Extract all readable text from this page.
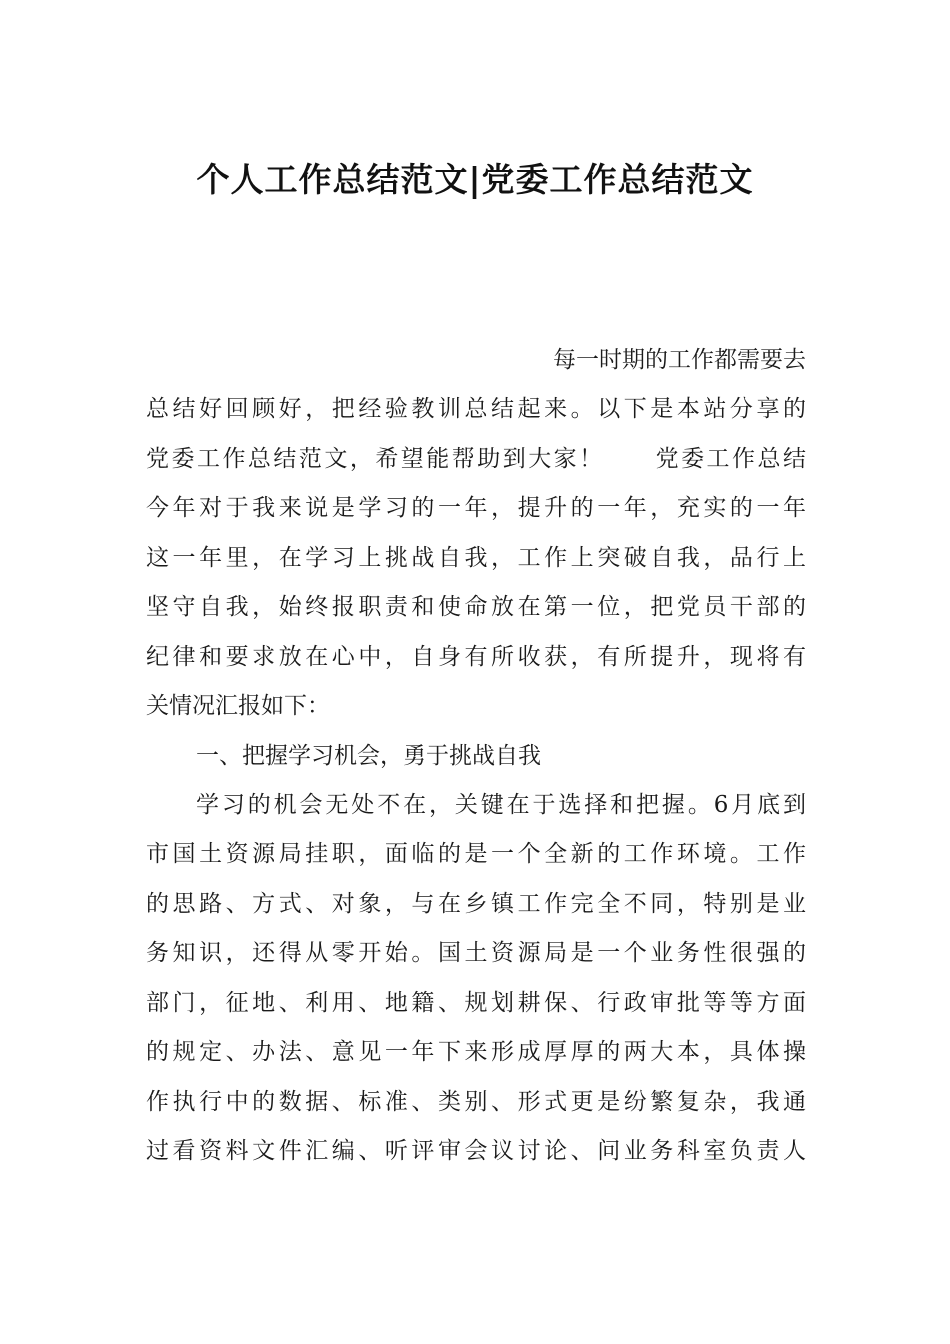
个人工作总结范文|党委工作总结范文
每一时期的工作都需要去
总结好回顾好，把经验教训总结起来。以下是本站分享的
党委工作总结范文，希望能帮助到大家！　　党委工作总结
今年对于我来说是学习的一年，提升的一年，充实的一年
这一年里，在学习上挑战自我，工作上突破自我，品行上
坚守自我，始终报职责和使命放在第一位，把党员干部的
纪律和要求放在心中，自身有所收获，有所提升，现将有
关情况汇报如下：
一、把握学习机会，勇于挑战自我
学习的机会无处不在，关键在于选择和把握。6月底到
市国土资源局挂职，面临的是一个全新的工作环境。工作
的思路、方式、对象，与在乡镇工作完全不同，特别是业
务知识，还得从零开始。国土资源局是一个业务性很强的
部门，征地、利用、地籍、规划耕保、行政审批等等方面
的规定、办法、意见一年下来形成厚厚的两大本，具体操
作执行中的数据、标准、类别、形式更是纷繁复杂，我通
过看资料文件汇编、听评审会议讨论、问业务科室负责人
